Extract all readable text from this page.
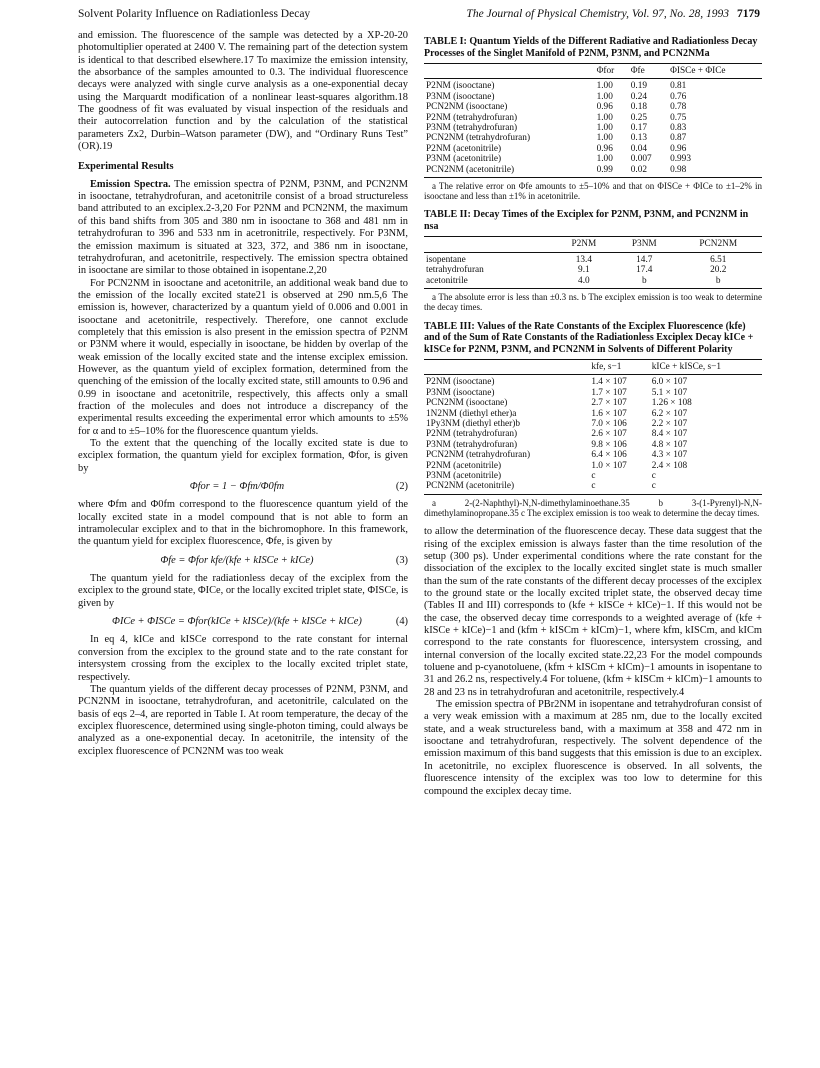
Solvent Polarity Influence on Radiationless Decay	The Journal of Physical Chemistry, Vol. 97, No. 28, 1993 7179

and emission. The fluorescence of the sample was detected by a XP-20-20 photomultiplier operated at 2400 V. The remaining part of the detection system is identical to that described elsewhere.17 To maximize the emission intensity, the absorbance of the samples amounted to 0.3. The individual fluorescence decays were analyzed with single curve analysis as a one-exponential decay using the Marquardt modification of a nonlinear least-squares algorithm.18 The goodness of fit was evaluated by visual inspection of the residuals and their autocorrelation function and by the calculation of the statistical parameters Zx2, Durbin–Watson parameter (DW), and “Ordinary Runs Test” (OR).19

Experimental Results

Emission Spectra. The emission spectra of P2NM, P3NM, and PCN2NM in isooctane, tetrahydrofuran, and acetonitrile consist of a broad structureless band attributed to an exciplex.2-3,20 For P2NM and PCN2NM, the maximum of this band shifts from 305 and 380 nm in isooctane to 368 and 481 nm in tetrahydrofuran to 396 and 533 nm in acetronitrile, respectively. For P3NM, the emission maximum is situated at 323, 372, and 386 nm in isooctane, tetrahydrofuran, and acetonitrile, respectively. The emission spectra obtained in isooctane are similar to those obtained in isopentane.2,20

For PCN2NM in isooctane and acetonitrile, an additional weak band due to the emission of the locally excited state21 is observed at 290 nm.5,6 The emission is, however, characterized by a quantum yield of 0.006 and 0.001 in isooctane and acetonitrile, respectively. Therefore, one cannot exclude completely that this emission is also present in the emission spectra of P2NM or P3NM where it would, especially in isooctane, be hidden by overlap of the weak emission of the locally excited state and the intense exciplex emission. However, as the quantum yield of exciplex formation, determined from the quenching of the emission of the locally excited state, still amounts to 0.96 and 0.99 in isooctane and acetonitrile, respectively, this affects only a small fraction of the molecules and does not introduce a discrepancy of the experimental results exceeding the experimental error which amounts to ±5% for α and to ±5–10% for the fluorescence quantum yields.

To the extent that the quenching of the locally excited state is due to exciplex formation, the quantum yield for exciplex formation, Φfor, is given by

Φfor = 1 − Φfm/Φ0fm	(2)

where Φfm and Φ0fm correspond to the fluorescence quantum yield of the locally excited state in a model compound that is not able to form an intramolecular exciplex and to that in the bichromophore. In this framework, the quantum yield for exciplex fluorescence, Φfe, is given by

Φfe = Φfor kfe/(kfe + kISCe + kICe)	(3)

The quantum yield for the radiationless decay of the exciplex from the exciplex to the ground state, ΦICe, or the locally excited triplet state, ΦISCe, is given by

ΦICe + ΦISCe = Φfor(kICe + kISCe)/(kfe + kISCe + kICe)	(4)

In eq 4, kICe and kISCe correspond to the rate constant for internal conversion from the exciplex to the ground state and to the rate constant for intersystem crossing from the exciplex to the locally excited triplet state, respectively.

The quantum yields of the different decay processes of P2NM, P3NM, and PCN2NM in isooctane, tetrahydrofuran, and acetonitrile, calculated on the basis of eqs 2–4, are reported in Table I. At room temperature, the decay of the exciplex fluorescence, determined using single-photon timing, could always be analyzed as a one-exponential decay. In acetonitrile, the intensity of the exciplex fluorescence of PCN2NM was too weak

TABLE I: Quantum Yields of the Different Radiative and Radiationless Decay Processes of the Singlet Manifold of P2NM, P3NM, and PCN2NMa
	Φfor	Φfe	ΦISCe + ΦICe
P2NM (isooctane)	1.00	0.19	0.81
P3NM (isooctane)	1.00	0.24	0.76
PCN2NM (isooctane)	0.96	0.18	0.78
P2NM (tetrahydrofuran)	1.00	0.25	0.75
P3NM (tetrahydrofuran)	1.00	0.17	0.83
PCN2NM (tetrahydrofuran)	1.00	0.13	0.87
P2NM (acetonitrile)	0.96	0.04	0.96
P3NM (acetonitrile)	1.00	0.007	0.993
PCN2NM (acetonitrile)	0.99	0.02	0.98
a The relative error on Φfe amounts to ±5–10% and that on ΦISCe + ΦICe to ±1–2% in isooctane and less than ±1% in acetonitrile.
TABLE II: Decay Times of the Exciplex for P2NM, P3NM, and PCN2NM in nsa
	P2NM	P3NM	PCN2NM
isopentane	13.4	14.7	6.51
tetrahydrofuran	9.1	17.4	20.2
acetonitrile	4.0	b	b
a The absolute error is less than ±0.3 ns. b The exciplex emission is too weak to determine the decay times.
TABLE III: Values of the Rate Constants of the Exciplex Fluorescence (kfe) and of the Sum of Rate Constants of the Radiationless Exciplex Decay kICe + kISCe for P2NM, P3NM, and PCN2NM in Solvents of Different Polarity
	kfe, s−1	kICe + kISCe, s−1
P2NM (isooctane)	1.4 × 107	6.0 × 107
P3NM (isooctane)	1.7 × 107	5.1 × 107
PCN2NM (isooctane)	2.7 × 107	1.26 × 108
1N2NM (diethyl ether)a	1.6 × 107	6.2 × 107
1Py3NM (diethyl ether)b	7.0 × 106	2.2 × 107
P2NM (tetrahydrofuran)	2.6 × 107	8.4 × 107
P3NM (tetrahydrofuran)	9.8 × 106	4.8 × 107
PCN2NM (tetrahydrofuran)	6.4 × 106	4.3 × 107
P2NM (acetonitrile)	1.0 × 107	2.4 × 108
P3NM (acetonitrile)	c	c
PCN2NM (acetonitrile)	c	c
a 2-(2-Naphthyl)-N,N-dimethylaminoethane.35 b 3-(1-Pyrenyl)-N,N-dimethylaminopropane.35 c The exciplex emission is too weak to determine the decay times.

to allow the determination of the fluorescence decay. These data suggest that the rising of the exciplex emission is always faster than the time resolution of the setup (300 ps). Under experimental conditions where the rate constant for the dissociation of the exciplex to the locally excited singlet state is much smaller than the sum of the rate constants of the different decay processes of the exciplex to the ground state or the locally excited triplet state, the observed decay time (Tables II and III) corresponds to (kfe + kISCe + kICe)−1. If this would not be the case, the observed decay time corresponds to a weighted average of (kfe + kISCe + kICe)−1 and (kfm + kISCm + kICm)−1, where kfm, kISCm, and kICm correspond to the rate constants for fluorescence, intersystem crossing, and internal conversion of the locally excited state.22,23 For the model compounds toluene and p-cyanotoluene, (kfm + kISCm + kICm)−1 amounts in isopentane to 31 and 26.2 ns, respectively.4 For toluene, (kfm + kISCm + kICm)−1 amounts to 28 and 23 ns in tetrahydrofuran and acetonitrile, respectively.4

The emission spectra of PBr2NM in isopentane and tetrahydrofuran consist of a very weak emission with a maximum at 285 nm, due to the locally excited state, and a weak structureless band, with a maximum at 358 and 472 nm in isooctane and tetrahydrofuran, respectively. The solvent dependence of the emission maximum of this band suggests that this emission is due to an exciplex. In acetonitrile, no exciplex fluorescence is observed. In all solvents, the fluorescence intensity of the exciplex was too low to determine for this compound the exciplex decay time.
